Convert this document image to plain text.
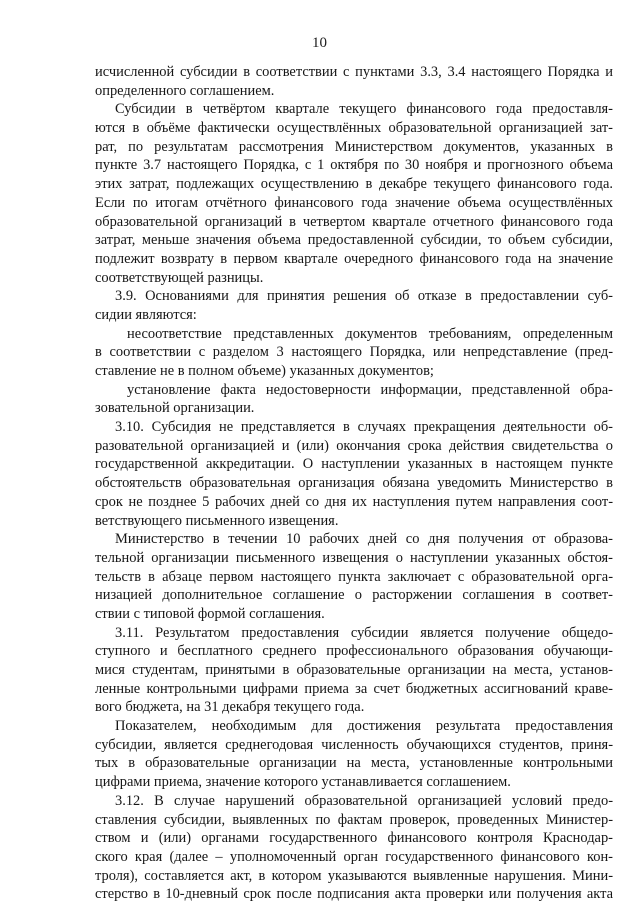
10
исчисленной субсидии в соответствии с пунктами 3.3, 3.4 настоящего Порядка и
определенного соглашением.
Субсидии в четвёртом квартале текущего финансового года предоставля-
ются в объёме фактически осуществлённых образовательной организацией зат-
рат, по результатам рассмотрения Министерством документов, указанных в
пункте 3.7 настоящего Порядка, с 1 октября по 30 ноября и прогнозного объема
этих затрат, подлежащих осуществлению в декабре текущего финансового года.
Если по итогам отчётного финансового года значение объема осуществлённых
образовательной организаций в четвертом квартале отчетного финансового года
затрат, меньше значения объема предоставленной субсидии, то объем субсидии,
подлежит возврату в первом квартале очередного финансового года на значение
соответствующей разницы.
3.9. Основаниями для принятия решения об отказе в предоставлении суб-
сидии являются:
несоответствие представленных документов требованиям, определенным
в соответствии с разделом 3 настоящего Порядка, или непредставление (пред-
ставление не в полном объеме) указанных документов;
установление факта недостоверности информации, представленной обра-
зовательной организации.
3.10. Субсидия не представляется в случаях прекращения деятельности об-
разовательной организацией и (или) окончания срока действия свидетельства о
государственной аккредитации. О наступлении указанных в настоящем пункте
обстоятельств образовательная организация обязана уведомить Министерство в
срок не позднее 5 рабочих дней со дня их наступления путем направления соот-
ветствующего письменного извещения.
Министерство в течении 10 рабочих дней со дня получения от образова-
тельной организации письменного извещения о наступлении указанных обстоя-
тельств в абзаце первом настоящего пункта заключает с образовательной орга-
низацией дополнительное соглашение о расторжении соглашения в соответ-
ствии с типовой формой соглашения.
3.11. Результатом предоставления субсидии является получение общедо-
ступного и бесплатного среднего профессионального образования обучающи-
мися студентам, принятыми в образовательные организации на места, установ-
ленные контрольными цифрами приема за счет бюджетных ассигнований краве-
вого бюджета, на 31 декабря текущего года.
Показателем, необходимым для достижения результата предоставления
субсидии, является среднегодовая численность обучающихся студентов, приня-
тых в образовательные организации на места, установленные контрольными
цифрами приема, значение которого устанавливается соглашением.
3.12. В случае нарушений образовательной организацией условий предо-
ставления субсидии, выявленных по фактам проверок, проведенных Министер-
ством и (или) органами государственного финансового контроля Краснодар-
ского края (далее – уполномоченный орган государственного финансового кон-
троля), составляется акт, в котором указываются выявленные нарушения. Мини-
стерство в 10-дневный срок после подписания акта проверки или получения акта
